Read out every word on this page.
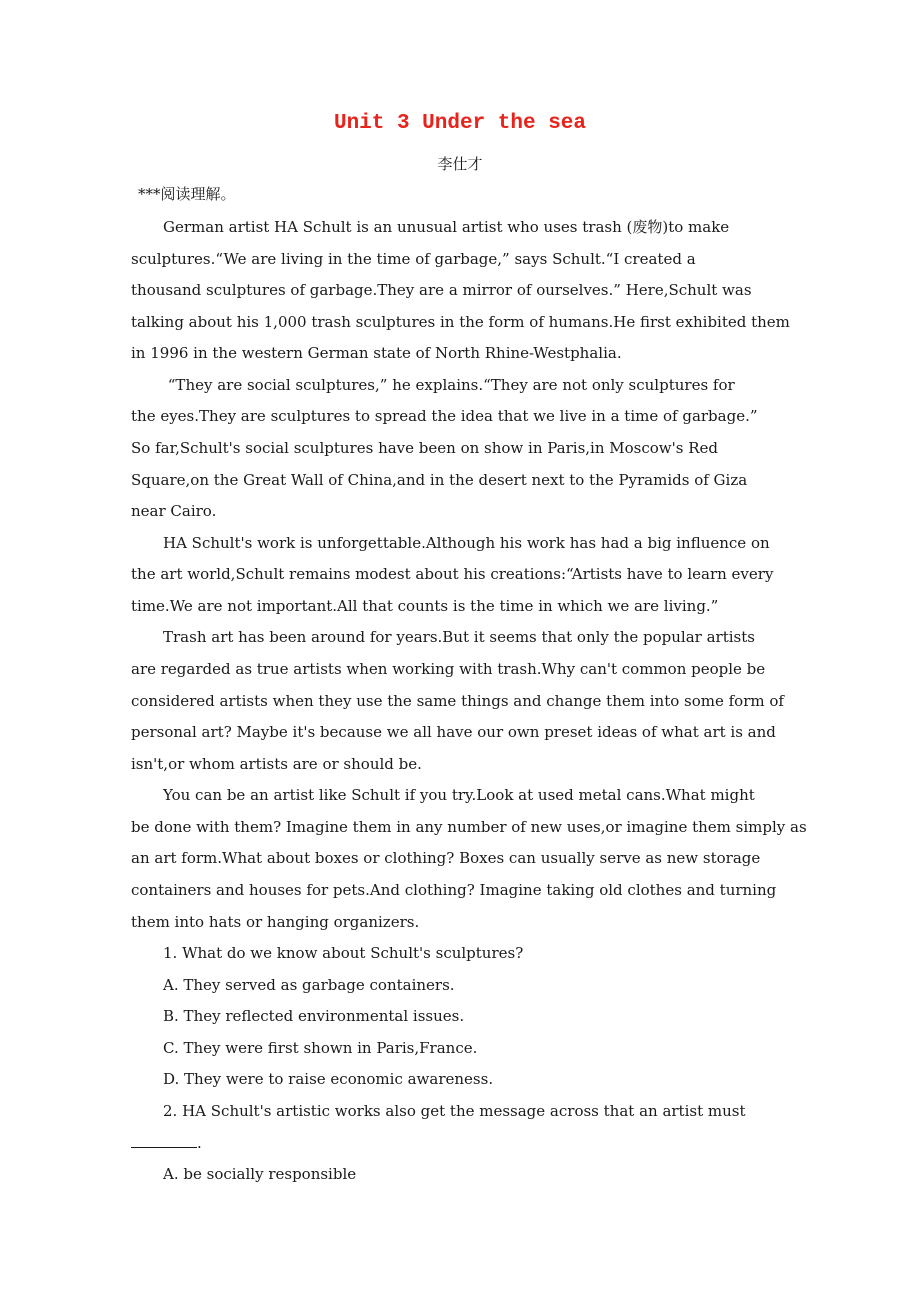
Unit 3 Under the sea
李仕才
***阅读理解。
German artist HA Schult is an unusual artist who uses trash (废物)to make
sculptures.“We are living in the time of garbage,” says Schult.“I created a
thousand sculptures of garbage.They are a mirror of ourselves.” Here,Schult was
talking about his 1,000 trash sculptures in the form of humans.He first exhibited them
in 1996 in the western German state of North Rhine-Westphalia.
“They are social sculptures,” he explains.“They are not only sculptures for
the eyes.They are sculptures to spread the idea that we live in a time of garbage.”
So far,Schult's social sculptures have been on show in Paris,in Moscow's Red
Square,on the Great Wall of China,and in the desert next to the Pyramids of Giza
near Cairo.
HA Schult's work is unforgettable.Although his work has had a big influence on
the art world,Schult remains modest about his creations:“Artists have to learn every
time.We are not important.All that counts is the time in which we are living.”
Trash art has been around for years.But it seems that only the popular artists
are regarded as true artists when working with trash.Why can't common people be
considered artists when they use the same things and change them into some form of
personal art? Maybe it's because we all have our own preset ideas of what art is and
isn't,or whom artists are or should be.
You can be an artist like Schult if you try.Look at used metal cans.What might
be done with them? Imagine them in any number of new uses,or imagine them simply as
an art form.What about boxes or clothing? Boxes can usually serve as new storage
containers and houses for pets.And clothing? Imagine taking old clothes and turning
them into hats or hanging organizers.
1. What do we know about Schult's sculptures?
A. They served as garbage containers.
B. They reflected environmental issues.
C. They were first shown in Paris,France.
D. They were to raise economic awareness.
2. HA Schult's artistic works also get the message across that an artist must
.
A. be socially responsible
